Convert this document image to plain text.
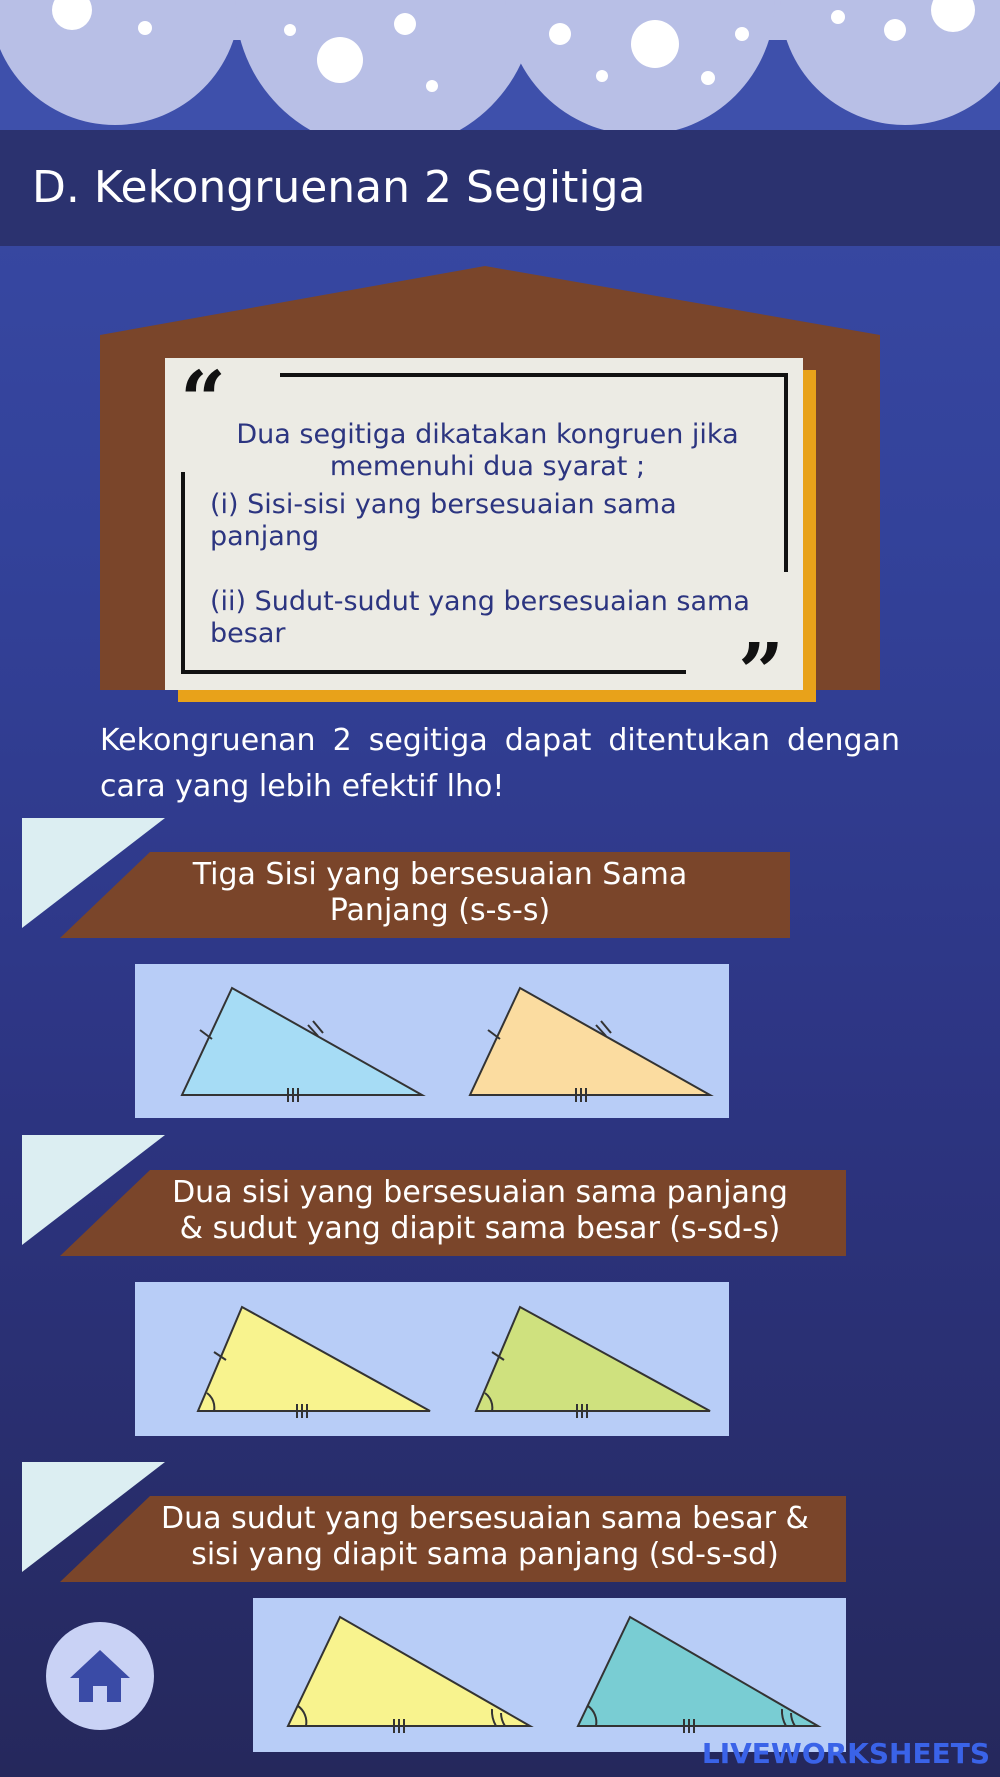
“
”
D. Kekongruenan 2 Segitiga
Dua segitiga dikatakan kongruen jika memenuhi dua syarat ;
(i) Sisi-sisi yang bersesuaian sama panjang
(ii) Sudut-sudut yang bersesuaian sama besar
Kekongruenan 2 segitiga dapat ditentukan dengan cara yang lebih efektif lho!
Tiga Sisi yang bersesuaian Sama
Panjang (s-s-s)
Dua sisi yang bersesuaian sama panjang
& sudut yang diapit sama besar (s-sd-s)
Dua sudut yang bersesuaian sama besar &
sisi yang diapit sama panjang (sd-s-sd)
LIVEWORKSHEETS
